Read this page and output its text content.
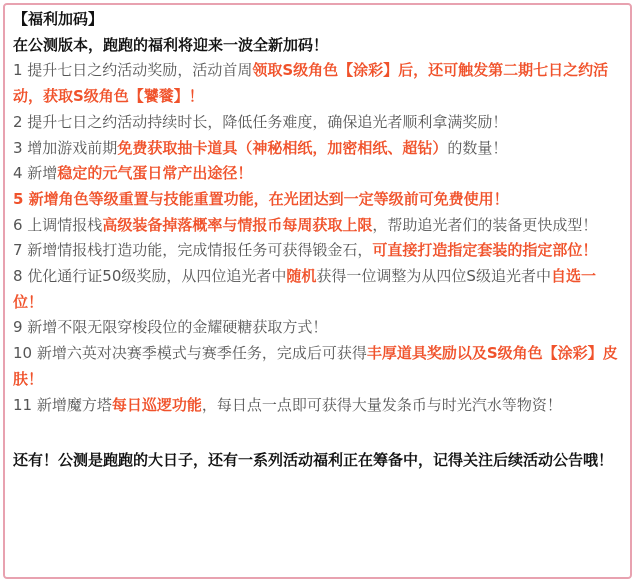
【福利加码】

在公测版本，跑跑的福利将迎来一波全新加码！

1 提升七日之约活动奖励，活动首周领取S级角色【涂彩】后，还可触发第二期七日之约活动，获取S级角色【饕餮】！

2 提升七日之约活动持续时长，降低任务难度，确保追光者顺利拿满奖励！

3 增加游戏前期免费获取抽卡道具（神秘相纸，加密相纸、超钻）的数量！

4 新增稳定的元气蛋日常产出途径！

5 新增角色等级重置与技能重置功能，在光团达到一定等级前可免费使用！

6 上调情报栈高级装备掉落概率与情报币每周获取上限，帮助追光者们的装备更快成型！

7 新增情报栈打造功能，完成情报任务可获得锻金石，可直接打造指定套装的指定部位！

8 优化通行证50级奖励，从四位追光者中随机获得一位调整为从四位S级追光者中自选一位！

9 新增不限无限穿梭段位的金耀硬糖获取方式！

10 新增六英对决赛季模式与赛季任务，完成后可获得丰厚道具奖励以及S级角色【涂彩】皮肤！

11 新增魔方塔每日巡逻功能，每日点一点即可获得大量发条币与时光汽水等物资！

还有！公测是跑跑的大日子，还有一系列活动福利正在筹备中，记得关注后续活动公告哦！
